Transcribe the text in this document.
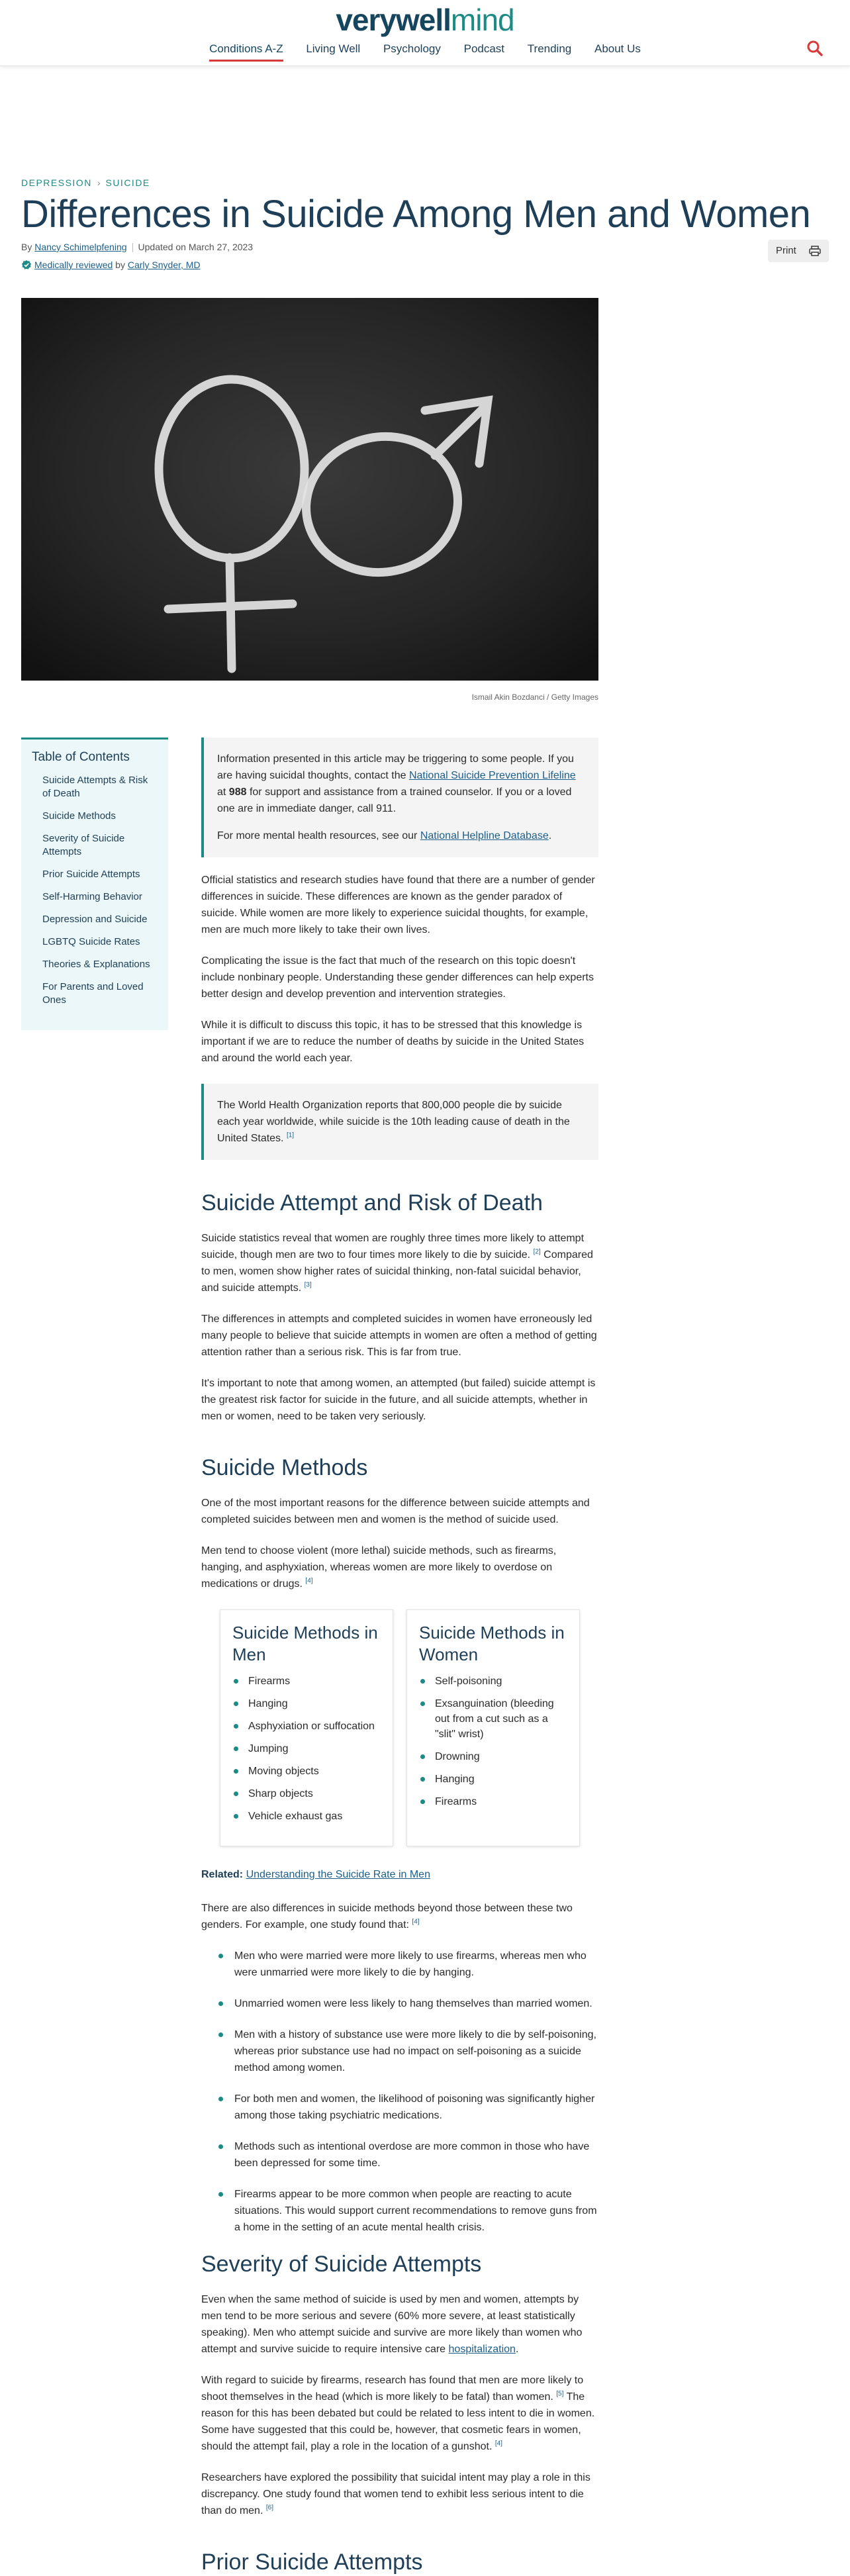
verywellmind
Conditions A-Z Living Well Psychology Podcast Trending About Us
DEPRESSION › SUICIDE
Differences in Suicide Among Men and Women
By Nancy Schimelpfening Updated on March 27, 2023
Medically reviewed by Carly Snyder, MD
Print
Ismail Akin Bozdanci / Getty Images
Table of Contents
Suicide Attempts & Risk of Death
Suicide Methods
Severity of Suicide Attempts
Prior Suicide Attempts
Self-Harming Behavior
Depression and Suicide
LGBTQ Suicide Rates
Theories & Explanations
For Parents and Loved Ones

Information presented in this article may be triggering to some people. If you are having suicidal thoughts, contact the National Suicide Prevention Lifeline at 988 for support and assistance from a trained counselor. If you or a loved one are in immediate danger, call 911.

For more mental health resources, see our National Helpline Database.

Official statistics and research studies have found that there are a number of gender differences in suicide. These differences are known as the gender paradox of suicide. While women are more likely to experience suicidal thoughts, for example, men are much more likely to take their own lives.

Complicating the issue is the fact that much of the research on this topic doesn't include nonbinary people. Understanding these gender differences can help experts better design and develop prevention and intervention strategies.

While it is difficult to discuss this topic, it has to be stressed that this knowledge is important if we are to reduce the number of deaths by suicide in the United States and around the world each year.

The World Health Organization reports that 800,000 people die by suicide each year worldwide, while suicide is the 10th leading cause of death in the United States. [1]

Suicide Attempt and Risk of Death

Suicide statistics reveal that women are roughly three times more likely to attempt suicide, though men are two to four times more likely to die by suicide. [2] Compared to men, women show higher rates of suicidal thinking, non-fatal suicidal behavior, and suicide attempts. [3]

The differences in attempts and completed suicides in women have erroneously led many people to believe that suicide attempts in women are often a method of getting attention rather than a serious risk. This is far from true.

It's important to note that among women, an attempted (but failed) suicide attempt is the greatest risk factor for suicide in the future, and all suicide attempts, whether in men or women, need to be taken very seriously.

Suicide Methods

One of the most important reasons for the difference between suicide attempts and completed suicides between men and women is the method of suicide used.

Men tend to choose violent (more lethal) suicide methods, such as firearms, hanging, and asphyxiation, whereas women are more likely to overdose on medications or drugs. [4]

Suicide Methods in Men
Firearms
Hanging
Asphyxiation or suffocation
Jumping
Moving objects
Sharp objects
Vehicle exhaust gas
Suicide Methods in Women
Self-poisoning
Exsanguination (bleeding out from a cut such as a "slit" wrist)
Drowning
Hanging
Firearms

Related: Understanding the Suicide Rate in Men

There are also differences in suicide methods beyond those between these two genders. For example, one study found that: [4]

Men who were married were more likely to use firearms, whereas men who were unmarried were more likely to die by hanging.
Unmarried women were less likely to hang themselves than married women.
Men with a history of substance use were more likely to die by self-poisoning, whereas prior substance use had no impact on self-poisoning as a suicide method among women.
For both men and women, the likelihood of poisoning was significantly higher among those taking psychiatric medications.
Methods such as intentional overdose are more common in those who have been depressed for some time.
Firearms appear to be more common when people are reacting to acute situations. This would support current recommendations to remove guns from a home in the setting of an acute mental health crisis.
Severity of Suicide Attempts

Even when the same method of suicide is used by men and women, attempts by men tend to be more serious and severe (60% more severe, at least statistically speaking). Men who attempt suicide and survive are more likely than women who attempt and survive suicide to require intensive care hospitalization.

With regard to suicide by firearms, research has found that men are more likely to shoot themselves in the head (which is more likely to be fatal) than women. [5] The reason for this has been debated but could be related to less intent to die in women. Some have suggested that this could be, however, that cosmetic fears in women, should the attempt fail, play a role in the location of a gunshot. [4]

Researchers have explored the possibility that suicidal intent may play a role in this discrepancy. One study found that women tend to exhibit less serious intent to die than do men. [6]

Prior Suicide Attempts
